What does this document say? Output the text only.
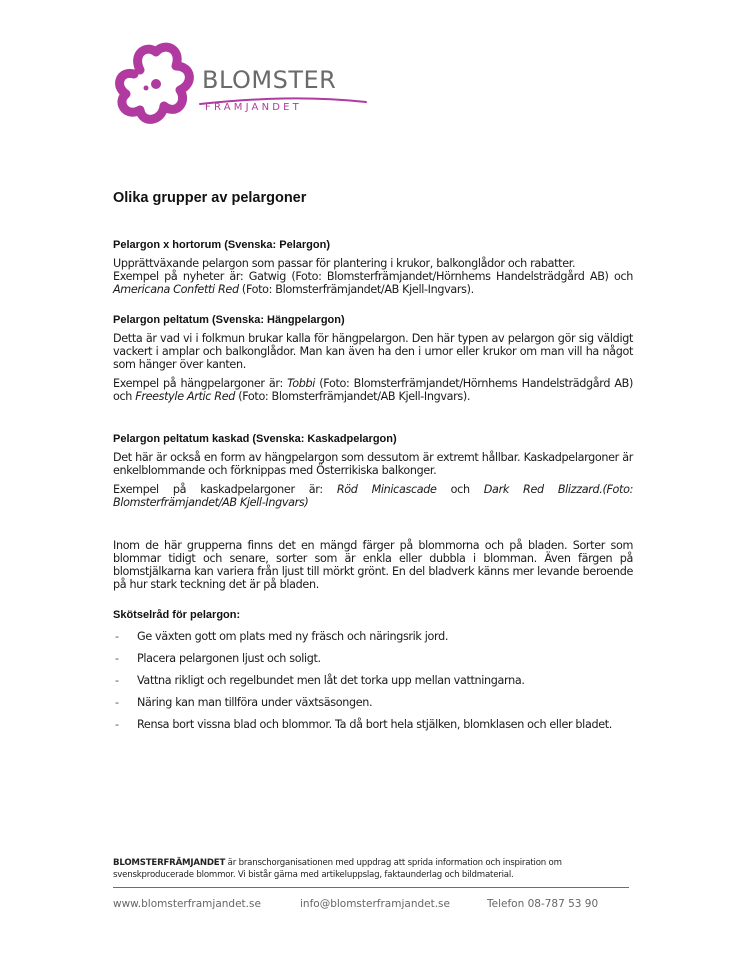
BLOMSTER
FRÄMJANDET
Olika grupper av pelargoner
Pelargon x hortorum (Svenska: Pelargon)

Upprättväxande pelargon som passar för plantering i krukor, balkonglådor och rabatter.

Exempel på nyheter är: Gatwig (Foto: Blomsterfrämjandet/Hörnhems Handelsträdgård AB) och Americana Confetti Red (Foto: Blomsterfrämjandet/AB Kjell-Ingvars).

Pelargon peltatum (Svenska: Hängpelargon)

Detta är vad vi i folkmun brukar kalla för hängpelargon. Den här typen av pelargon gör sig väldigt vackert i amplar och balkonglådor. Man kan även ha den i urnor eller krukor om man vill ha något som hänger över kanten.

Exempel på hängpelargoner är: Tobbi (Foto: Blomsterfrämjandet/Hörnhems Handelsträdgård AB) och Freestyle Artic Red (Foto: Blomsterfrämjandet/AB Kjell-Ingvars).

Pelargon peltatum kaskad (Svenska: Kaskadpelargon)

Det här är också en form av hängpelargon som dessutom är extremt hållbar. Kaskadpelargoner är enkelblommande och förknippas med Österrikiska balkonger.

Exempel på kaskadpelargoner är: Röd Minicascade och Dark Red Blizzard.(Foto: Blomsterfrämjandet/AB Kjell-Ingvars)

Inom de här grupperna finns det en mängd färger på blommorna och på bladen. Sorter som blommar tidigt och senare, sorter som är enkla eller dubbla i blomman. Även färgen på blomstjälkarna kan variera från ljust till mörkt grönt. En del bladverk känns mer levande beroende på hur stark teckning det är på bladen.

Skötselråd för pelargon:
- Ge växten gott om plats med ny fräsch och näringsrik jord.
- Placera pelargonen ljust och soligt.
- Vattna rikligt och regelbundet men låt det torka upp mellan vattningarna.
- Näring kan man tillföra under växtsäsongen.
- Rensa bort vissna blad och blommor. Ta då bort hela stjälken, blomklasen och eller bladet.
BLOMSTERFRÄMJANDET är branschorganisationen med uppdrag att sprida information och inspiration om svenskproducerade blommor. Vi bistår gärna med artikeluppslag, faktaunderlag och bildmaterial.
www.blomsterframjandet.se	info@blomsterframjandet.se	Telefon 08-787 53 90
